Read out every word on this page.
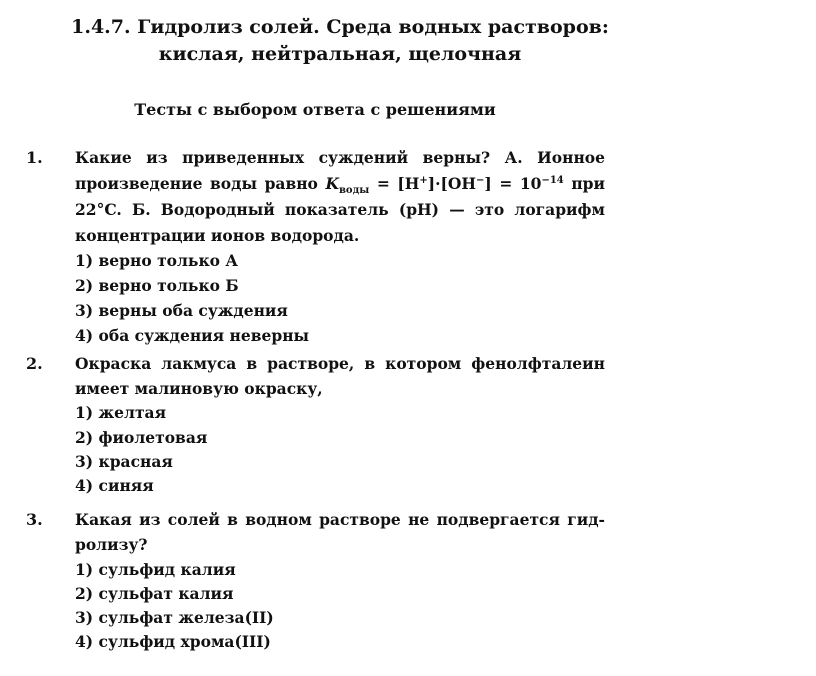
1.4.7. Гидролиз солей. Среда водных растворов:
кислая, нейтральная, щелочная
Тесты с выбором ответа с решениями
1. Какие из приведенных суждений верны? А. Ионное
произведение воды равно $K_{воды} = [H^+]\cdot[OH^-] = 10^{-14}$ при
22°C. Б. Водородный показатель (pH) — это логарифм
концентрации ионов водорода.
1) верно только А
2) верно только Б
3) верны оба суждения
4) оба суждения неверны
2. Окраска лакмуса в растворе, в котором фенолфталеин
имеет малиновую окраску,
1) желтая
2) фиолетовая
3) красная
4) синяя
3. Какая из солей в водном растворе не подвергается гид-
ролизу?
1) сульфид калия
2) сульфат калия
3) сульфат железа(II)
4) сульфид хрома(III)
